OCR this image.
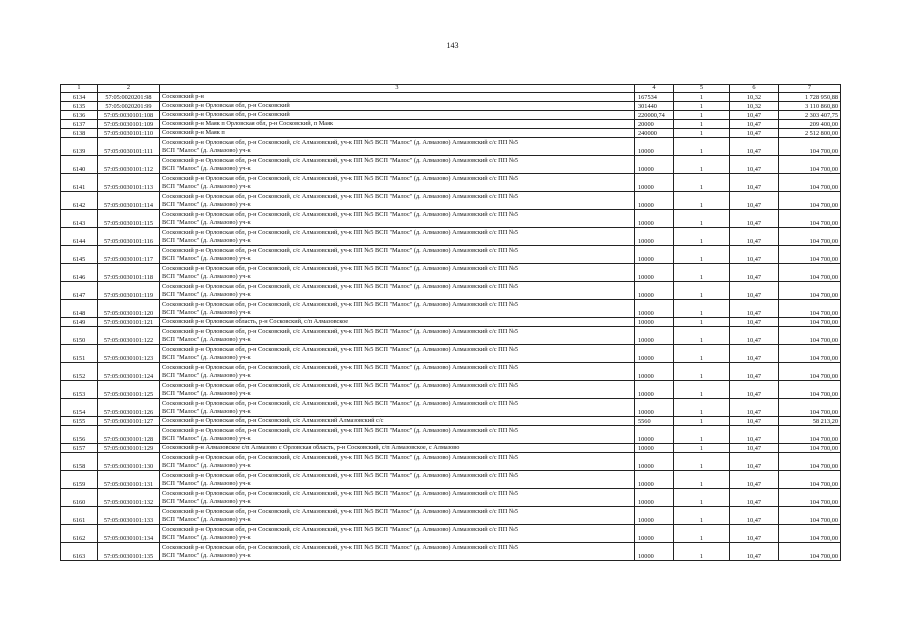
143
1	2	3	4	5	6	7
6134	57:05:0020201:98	Сосковский р-н	167534	1	10,32	1 728 950,88
6135	57:05:0020201:99	Сосковский р-н Орловская обл, р-н Сосковский	301440	1	10,32	3 110 860,80
6136	57:05:0030101:108	Сосковский р-н Орловская обл, р-н Сосковский	220000,74	1	10,47	2 303 407,75
6137	57:05:0030101:109	Сосковский р-н Маяк п Орловская обл, р-н Сосковский, п Маяк	20000	1	10,47	209 400,00
6138	57:05:0030101:110	Сосковский р-н Маяк п	240000	1	10,47	2 512 800,00
6139	57:05:0030101:111	Сосковский р-н Орловская обл, р-н Сосковский, с/с Алмазовский, уч-к ПП №5 ВСП "Малос" (д. Алмазово) Алмазовский с/с ПП №5
ВСП "Малос" (д. Алмазово) уч-к	10000	1	10,47	104 700,00
6140	57:05:0030101:112	Сосковский р-н Орловская обл, р-н Сосковский, с/с Алмазовский, уч-к ПП №5 ВСП "Малос" (д. Алмазово) Алмазовский с/с ПП №5
ВСП "Малос" (д. Алмазово) уч-к	10000	1	10,47	104 700,00
6141	57:05:0030101:113	Сосковский р-н Орловская обл, р-н Сосковский, с/с Алмазовский, уч-к ПП №5 ВСП "Малос" (д. Алмазово) Алмазовский с/с ПП №5
ВСП "Малос" (д. Алмазово) уч-к	10000	1	10,47	104 700,00
6142	57:05:0030101:114	Сосковский р-н Орловская обл, р-н Сосковский, с/с Алмазовский, уч-к ПП №5 ВСП "Малос" (д. Алмазово) Алмазовский с/с ПП №5
ВСП "Малос" (д. Алмазово) уч-к	10000	1	10,47	104 700,00
6143	57:05:0030101:115	Сосковский р-н Орловская обл, р-н Сосковский, с/с Алмазовский, уч-к ПП №5 ВСП "Малос" (д. Алмазово) Алмазовский с/с ПП №5
ВСП "Малос" (д. Алмазово) уч-к	10000	1	10,47	104 700,00
6144	57:05:0030101:116	Сосковский р-н Орловская обл, р-н Сосковский, с/с Алмазовский, уч-к ПП №5 ВСП "Малос" (д. Алмазово) Алмазовский с/с ПП №5
ВСП "Малос" (д. Алмазово) уч-к	10000	1	10,47	104 700,00
6145	57:05:0030101:117	Сосковский р-н Орловская обл, р-н Сосковский, с/с Алмазовский, уч-к ПП №5 ВСП "Малос" (д. Алмазово) Алмазовский с/с ПП №5
ВСП "Малос" (д. Алмазово) уч-к	10000	1	10,47	104 700,00
6146	57:05:0030101:118	Сосковский р-н Орловская обл, р-н Сосковский, с/с Алмазовский, уч-к ПП №5 ВСП "Малос" (д. Алмазово) Алмазовский с/с ПП №5
ВСП "Малос" (д. Алмазово) уч-к	10000	1	10,47	104 700,00
6147	57:05:0030101:119	Сосковский р-н Орловская обл, р-н Сосковский, с/с Алмазовский, уч-к ПП №5 ВСП "Малос" (д. Алмазово) Алмазовский с/с ПП №5
ВСП "Малос" (д. Алмазово) уч-к	10000	1	10,47	104 700,00
6148	57:05:0030101:120	Сосковский р-н Орловская обл, р-н Сосковский, с/с Алмазовский, уч-к ПП №5 ВСП "Малос" (д. Алмазово) Алмазовский с/с ПП №5
ВСП "Малос" (д. Алмазово) уч-к	10000	1	10,47	104 700,00
6149	57:05:0030101:121	Сосковский р-н Орловская область, р-н Сосковский, с/п Алмазовское	10000	1	10,47	104 700,00
6150	57:05:0030101:122	Сосковский р-н Орловская обл, р-н Сосковский, с/с Алмазовский, уч-к ПП №5 ВСП "Малос" (д. Алмазово) Алмазовский с/с ПП №5
ВСП "Малос" (д. Алмазово) уч-к	10000	1	10,47	104 700,00
6151	57:05:0030101:123	Сосковский р-н Орловская обл, р-н Сосковский, с/с Алмазовский, уч-к ПП №5 ВСП "Малос" (д. Алмазово) Алмазовский с/с ПП №5
ВСП "Малос" (д. Алмазово) уч-к	10000	1	10,47	104 700,00
6152	57:05:0030101:124	Сосковский р-н Орловская обл, р-н Сосковский, с/с Алмазовский, уч-к ПП №5 ВСП "Малос" (д. Алмазово) Алмазовский с/с ПП №5
ВСП "Малос" (д. Алмазово) уч-к	10000	1	10,47	104 700,00
6153	57:05:0030101:125	Сосковский р-н Орловская обл, р-н Сосковский, с/с Алмазовский, уч-к ПП №5 ВСП "Малос" (д. Алмазово) Алмазовский с/с ПП №5
ВСП "Малос" (д. Алмазово) уч-к	10000	1	10,47	104 700,00
6154	57:05:0030101:126	Сосковский р-н Орловская обл, р-н Сосковский, с/с Алмазовский, уч-к ПП №5 ВСП "Малос" (д. Алмазово) Алмазовский с/с ПП №5
ВСП "Малос" (д. Алмазово) уч-к	10000	1	10,47	104 700,00
6155	57:05:0030101:127	Сосковский р-н Орловская обл, р-н Сосковский, с/с Алмазовский Алмазовский с/с	5560	1	10,47	58 213,20
6156	57:05:0030101:128	Сосковский р-н Орловская обл, р-н Сосковский, с/с Алмазовский, уч-к ПП №5 ВСП "Малос" (д. Алмазово) Алмазовский с/с ПП №5
ВСП "Малос" (д. Алмазово) уч-к	10000	1	10,47	104 700,00
6157	57:05:0030101:129	Сосковский р-н Алмазовское с/п Алмазово с Орловская область, р-н Сосковский, с/п Алмазовское, с Алмазово	10000	1	10,47	104 700,00
6158	57:05:0030101:130	Сосковский р-н Орловская обл, р-н Сосковский, с/с Алмазовский, уч-к ПП №5 ВСП "Малос" (д. Алмазово) Алмазовский с/с ПП №5
ВСП "Малос" (д. Алмазово) уч-к	10000	1	10,47	104 700,00
6159	57:05:0030101:131	Сосковский р-н Орловская обл, р-н Сосковский, с/с Алмазовский, уч-к ПП №5 ВСП "Малос" (д. Алмазово) Алмазовский с/с ПП №5
ВСП "Малос" (д. Алмазово) уч-к	10000	1	10,47	104 700,00
6160	57:05:0030101:132	Сосковский р-н Орловская обл, р-н Сосковский, с/с Алмазовский, уч-к ПП №5 ВСП "Малос" (д. Алмазово) Алмазовский с/с ПП №5
ВСП "Малос" (д. Алмазово) уч-к	10000	1	10,47	104 700,00
6161	57:05:0030101:133	Сосковский р-н Орловская обл, р-н Сосковский, с/с Алмазовский, уч-к ПП №5 ВСП "Малос" (д. Алмазово) Алмазовский с/с ПП №5
ВСП "Малос" (д. Алмазово) уч-к	10000	1	10,47	104 700,00
6162	57:05:0030101:134	Сосковский р-н Орловская обл, р-н Сосковский, с/с Алмазовский, уч-к ПП №5 ВСП "Малос" (д. Алмазово) Алмазовский с/с ПП №5
ВСП "Малос" (д. Алмазово) уч-к	10000	1	10,47	104 700,00
6163	57:05:0030101:135	Сосковский р-н Орловская обл, р-н Сосковский, с/с Алмазовский, уч-к ПП №5 ВСП "Малос" (д. Алмазово) Алмазовский с/с ПП №5
ВСП "Малос" (д. Алмазово) уч-к	10000	1	10,47	104 700,00
